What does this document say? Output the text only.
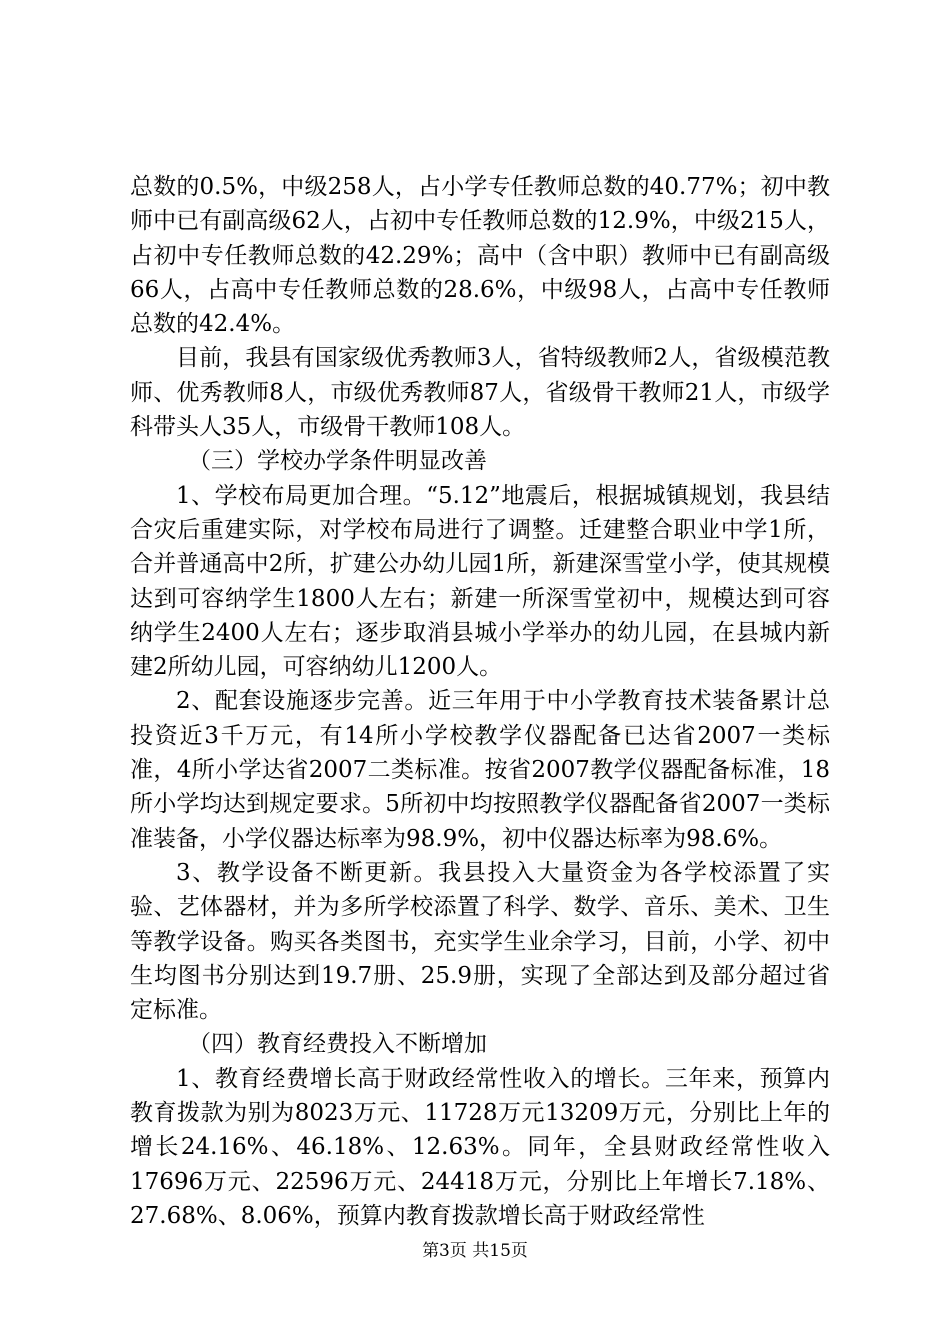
总数的0.5%，中级258人，占小学专任教师总数的40.77%；初中教师中已有副高级62人，占初中专任教师总数的12.9%，中级215人，占初中专任教师总数的42.29%；高中（含中职）教师中已有副高级66人，占高中专任教师总数的28.6%，中级98人，占高中专任教师总数的42.4%。

目前，我县有国家级优秀教师3人，省特级教师2人，省级模范教师、优秀教师8人，市级优秀教师87人，省级骨干教师21人，市级学科带头人35人，市级骨干教师108人。

（三）学校办学条件明显改善

1、学校布局更加合理。“5.12”地震后，根据城镇规划，我县结合灾后重建实际，对学校布局进行了调整。迁建整合职业中学1所，合并普通高中2所，扩建公办幼儿园1所，新建深雪堂小学，使其规模达到可容纳学生1800人左右；新建一所深雪堂初中，规模达到可容纳学生2400人左右；逐步取消县城小学举办的幼儿园，在县城内新建2所幼儿园，可容纳幼儿1200人。

2、配套设施逐步完善。近三年用于中小学教育技术装备累计总投资近3千万元，有14所小学校教学仪器配备已达省2007一类标准，4所小学达省2007二类标准。按省2007教学仪器配备标准，18所小学均达到规定要求。5所初中均按照教学仪器配备省2007一类标准装备，小学仪器达标率为98.9%，初中仪器达标率为98.6%。

3、教学设备不断更新。我县投入大量资金为各学校添置了实验、艺体器材，并为多所学校添置了科学、数学、音乐、美术、卫生等教学设备。购买各类图书，充实学生业余学习，目前，小学、初中生均图书分别达到19.7册、25.9册，实现了全部达到及部分超过省定标准。

（四）教育经费投入不断增加

1、教育经费增长高于财政经常性收入的增长。三年来，预算内教育拨款为别为8023万元、11728万元13209万元，分别比上年的增长24.16%、46.18%、12.63%。同年，全县财政经常性收入17696万元、22596万元、24418万元，分别比上年增长7.18%、27.68%、8.06%，预算内教育拨款增长高于财政经常性

第3页 共15页
